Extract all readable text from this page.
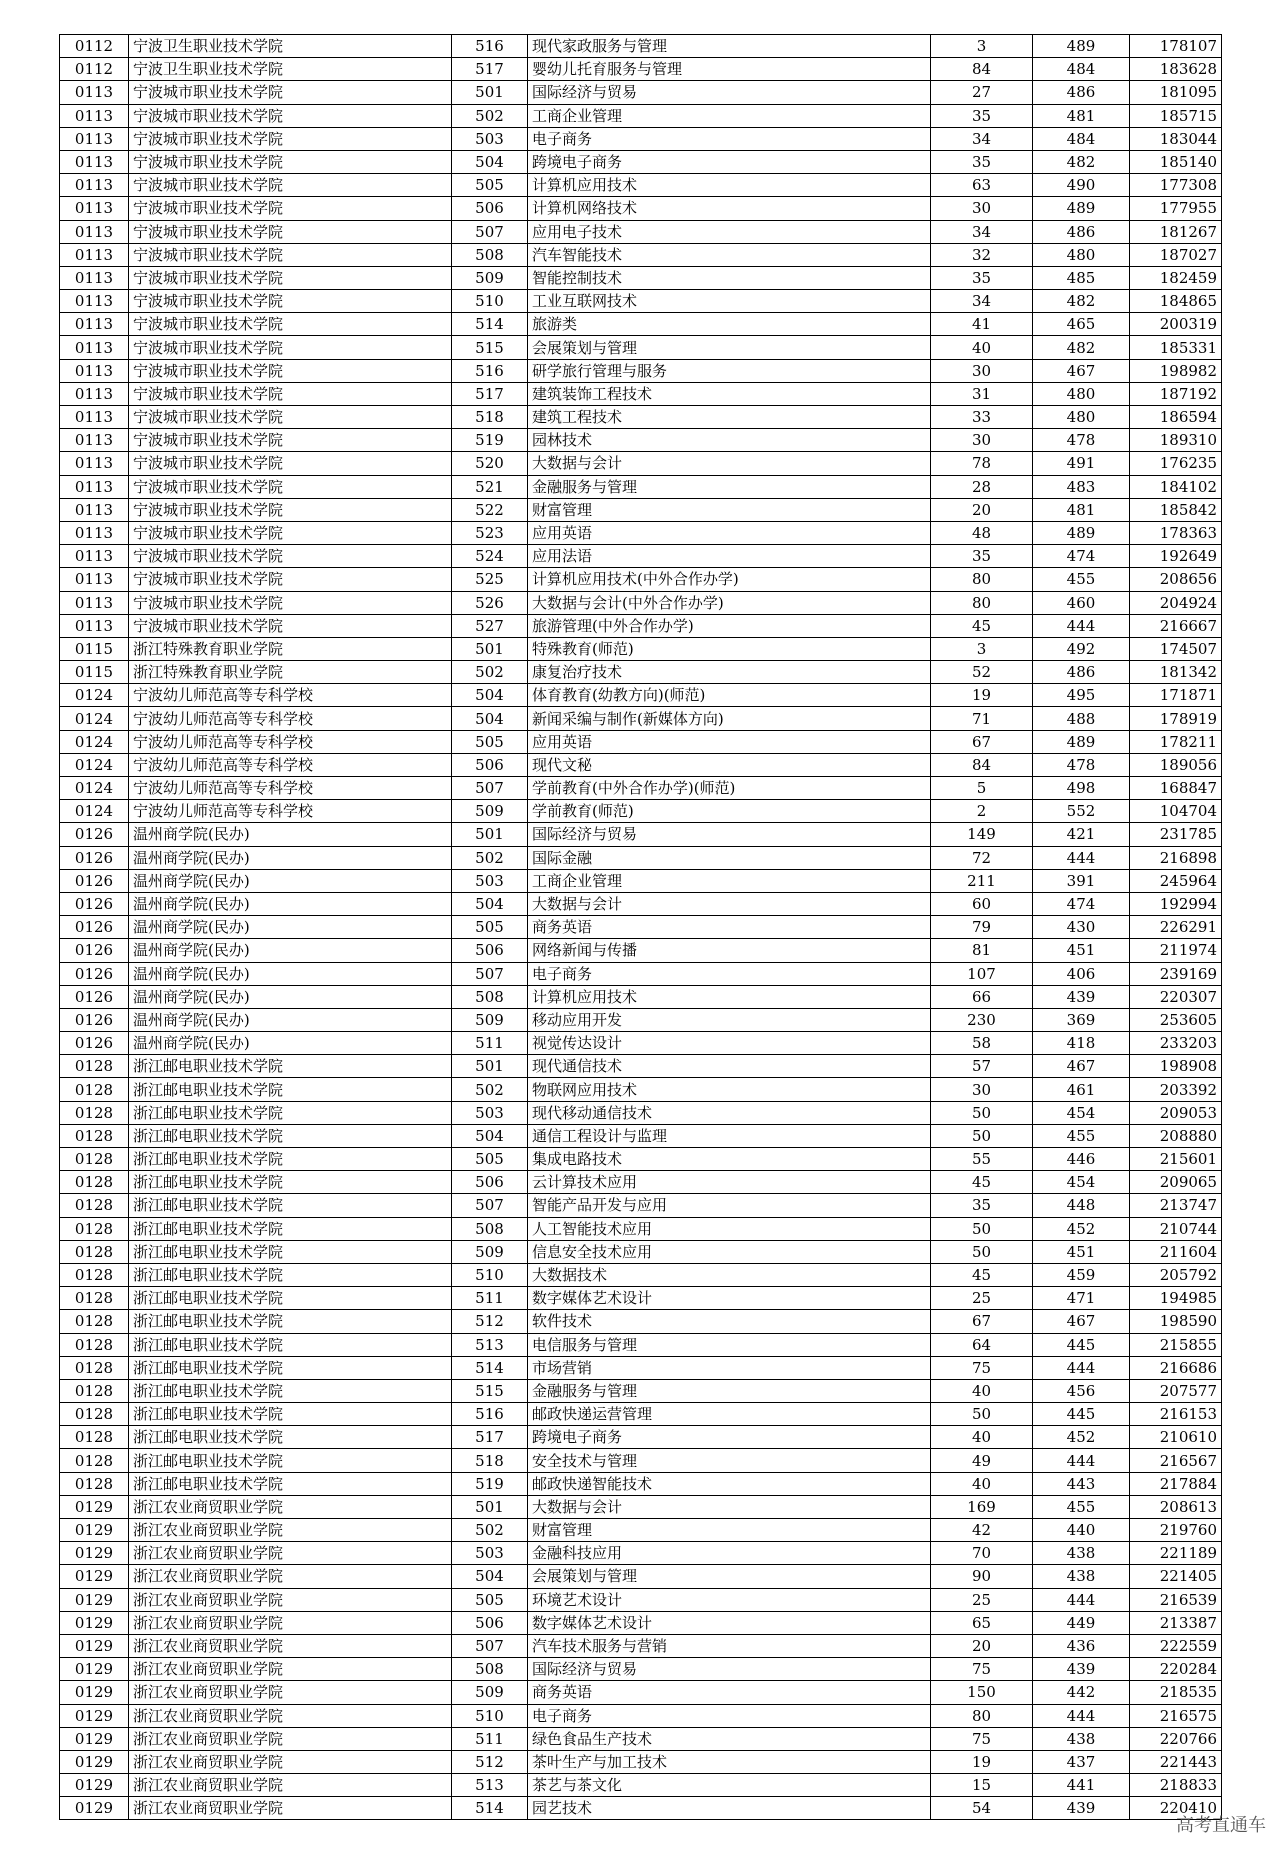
0112	宁波卫生职业技术学院	516	现代家政服务与管理	3	489	178107
0112	宁波卫生职业技术学院	517	婴幼儿托育服务与管理	84	484	183628
0113	宁波城市职业技术学院	501	国际经济与贸易	27	486	181095
0113	宁波城市职业技术学院	502	工商企业管理	35	481	185715
0113	宁波城市职业技术学院	503	电子商务	34	484	183044
0113	宁波城市职业技术学院	504	跨境电子商务	35	482	185140
0113	宁波城市职业技术学院	505	计算机应用技术	63	490	177308
0113	宁波城市职业技术学院	506	计算机网络技术	30	489	177955
0113	宁波城市职业技术学院	507	应用电子技术	34	486	181267
0113	宁波城市职业技术学院	508	汽车智能技术	32	480	187027
0113	宁波城市职业技术学院	509	智能控制技术	35	485	182459
0113	宁波城市职业技术学院	510	工业互联网技术	34	482	184865
0113	宁波城市职业技术学院	514	旅游类	41	465	200319
0113	宁波城市职业技术学院	515	会展策划与管理	40	482	185331
0113	宁波城市职业技术学院	516	研学旅行管理与服务	30	467	198982
0113	宁波城市职业技术学院	517	建筑装饰工程技术	31	480	187192
0113	宁波城市职业技术学院	518	建筑工程技术	33	480	186594
0113	宁波城市职业技术学院	519	园林技术	30	478	189310
0113	宁波城市职业技术学院	520	大数据与会计	78	491	176235
0113	宁波城市职业技术学院	521	金融服务与管理	28	483	184102
0113	宁波城市职业技术学院	522	财富管理	20	481	185842
0113	宁波城市职业技术学院	523	应用英语	48	489	178363
0113	宁波城市职业技术学院	524	应用法语	35	474	192649
0113	宁波城市职业技术学院	525	计算机应用技术(中外合作办学)	80	455	208656
0113	宁波城市职业技术学院	526	大数据与会计(中外合作办学)	80	460	204924
0113	宁波城市职业技术学院	527	旅游管理(中外合作办学)	45	444	216667
0115	浙江特殊教育职业学院	501	特殊教育(师范)	3	492	174507
0115	浙江特殊教育职业学院	502	康复治疗技术	52	486	181342
0124	宁波幼儿师范高等专科学校	504	体育教育(幼教方向)(师范)	19	495	171871
0124	宁波幼儿师范高等专科学校	504	新闻采编与制作(新媒体方向)	71	488	178919
0124	宁波幼儿师范高等专科学校	505	应用英语	67	489	178211
0124	宁波幼儿师范高等专科学校	506	现代文秘	84	478	189056
0124	宁波幼儿师范高等专科学校	507	学前教育(中外合作办学)(师范)	5	498	168847
0124	宁波幼儿师范高等专科学校	509	学前教育(师范)	2	552	104704
0126	温州商学院(民办)	501	国际经济与贸易	149	421	231785
0126	温州商学院(民办)	502	国际金融	72	444	216898
0126	温州商学院(民办)	503	工商企业管理	211	391	245964
0126	温州商学院(民办)	504	大数据与会计	60	474	192994
0126	温州商学院(民办)	505	商务英语	79	430	226291
0126	温州商学院(民办)	506	网络新闻与传播	81	451	211974
0126	温州商学院(民办)	507	电子商务	107	406	239169
0126	温州商学院(民办)	508	计算机应用技术	66	439	220307
0126	温州商学院(民办)	509	移动应用开发	230	369	253605
0126	温州商学院(民办)	511	视觉传达设计	58	418	233203
0128	浙江邮电职业技术学院	501	现代通信技术	57	467	198908
0128	浙江邮电职业技术学院	502	物联网应用技术	30	461	203392
0128	浙江邮电职业技术学院	503	现代移动通信技术	50	454	209053
0128	浙江邮电职业技术学院	504	通信工程设计与监理	50	455	208880
0128	浙江邮电职业技术学院	505	集成电路技术	55	446	215601
0128	浙江邮电职业技术学院	506	云计算技术应用	45	454	209065
0128	浙江邮电职业技术学院	507	智能产品开发与应用	35	448	213747
0128	浙江邮电职业技术学院	508	人工智能技术应用	50	452	210744
0128	浙江邮电职业技术学院	509	信息安全技术应用	50	451	211604
0128	浙江邮电职业技术学院	510	大数据技术	45	459	205792
0128	浙江邮电职业技术学院	511	数字媒体艺术设计	25	471	194985
0128	浙江邮电职业技术学院	512	软件技术	67	467	198590
0128	浙江邮电职业技术学院	513	电信服务与管理	64	445	215855
0128	浙江邮电职业技术学院	514	市场营销	75	444	216686
0128	浙江邮电职业技术学院	515	金融服务与管理	40	456	207577
0128	浙江邮电职业技术学院	516	邮政快递运营管理	50	445	216153
0128	浙江邮电职业技术学院	517	跨境电子商务	40	452	210610
0128	浙江邮电职业技术学院	518	安全技术与管理	49	444	216567
0128	浙江邮电职业技术学院	519	邮政快递智能技术	40	443	217884
0129	浙江农业商贸职业学院	501	大数据与会计	169	455	208613
0129	浙江农业商贸职业学院	502	财富管理	42	440	219760
0129	浙江农业商贸职业学院	503	金融科技应用	70	438	221189
0129	浙江农业商贸职业学院	504	会展策划与管理	90	438	221405
0129	浙江农业商贸职业学院	505	环境艺术设计	25	444	216539
0129	浙江农业商贸职业学院	506	数字媒体艺术设计	65	449	213387
0129	浙江农业商贸职业学院	507	汽车技术服务与营销	20	436	222559
0129	浙江农业商贸职业学院	508	国际经济与贸易	75	439	220284
0129	浙江农业商贸职业学院	509	商务英语	150	442	218535
0129	浙江农业商贸职业学院	510	电子商务	80	444	216575
0129	浙江农业商贸职业学院	511	绿色食品生产技术	75	438	220766
0129	浙江农业商贸职业学院	512	茶叶生产与加工技术	19	437	221443
0129	浙江农业商贸职业学院	513	茶艺与茶文化	15	441	218833
0129	浙江农业商贸职业学院	514	园艺技术	54	439	220410
高考直通车
